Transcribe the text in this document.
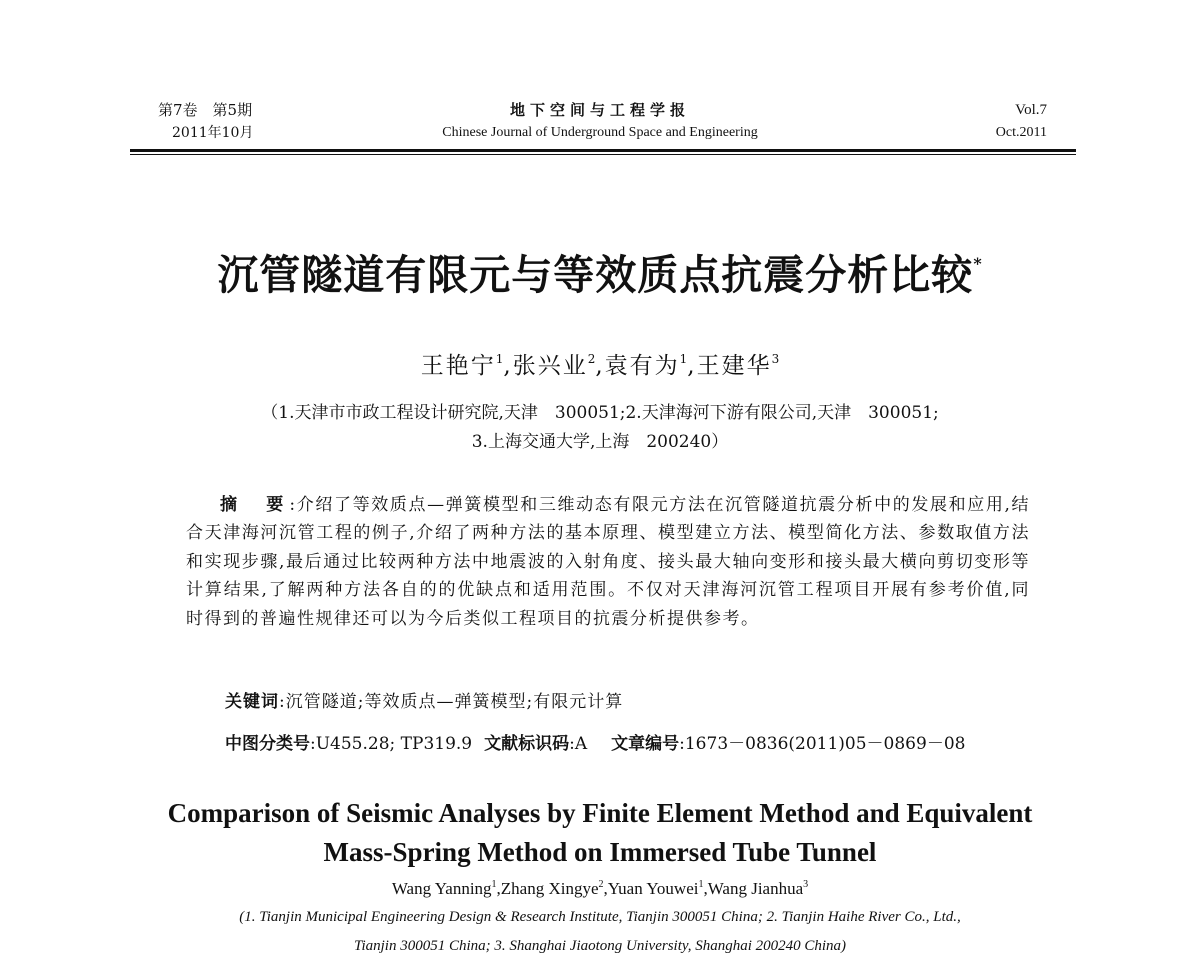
第7卷　第5期
2011年10月
地下空间与工程学报
Chinese Journal of Underground Space and Engineering
Vol.7
Oct.2011
沉管隧道有限元与等效质点抗震分析比较*
王艳宁$^1$,张兴业$^2$,袁有为$^1$,王建华$^3$
（1.天津市市政工程设计研究院,天津　300051;2.天津海河下游有限公司,天津　300051;
3.上海交通大学,上海　200240）
摘　要:介绍了等效质点—弹簧模型和三维动态有限元方法在沉管隧道抗震分析中的发展和应用,结合天津海河沉管工程的例子,介绍了两种方法的基本原理、模型建立方法、模型简化方法、参数取值方法和实现步骤,最后通过比较两种方法中地震波的入射角度、接头最大轴向变形和接头最大横向剪切变形等计算结果,了解两种方法各自的的优缺点和适用范围。不仅对天津海河沉管工程项目开展有参考价值,同时得到的普遍性规律还可以为今后类似工程项目的抗震分析提供参考。
关键词:沉管隧道;等效质点—弹簧模型;有限元计算
中图分类号:U455.28; TP319.9 文献标识码:A 文章编号:1673－0836(2011)05－0869－08
Comparison of Seismic Analyses by Finite Element Method and Equivalent
Mass-Spring Method on Immersed Tube Tunnel
Wang Yanning$^1$,Zhang Xingye$^2$,Yuan Youwei$^1$,Wang Jianhua$^3$
(1. Tianjin Municipal Engineering Design & Research Institute, Tianjin 300051 China; 2. Tianjin Haihe River Co., Ltd.,
Tianjin 300051 China; 3. Shanghai Jiaotong University, Shanghai 200240 China)
